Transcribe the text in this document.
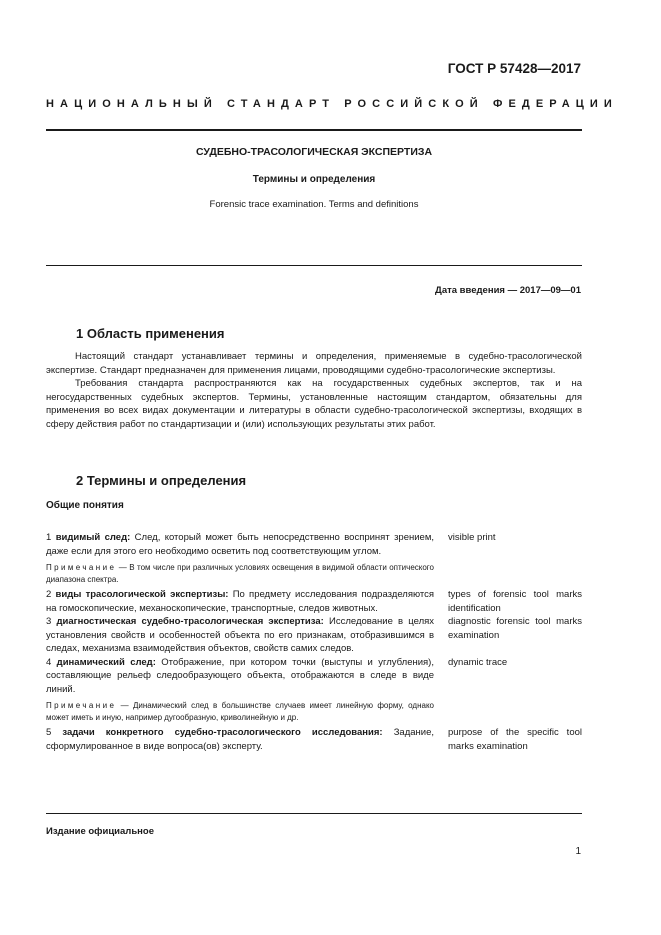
ГОСТ Р 57428—2017
НАЦИОНАЛЬНЫЙ СТАНДАРТ РОССИЙСКОЙ ФЕДЕРАЦИИ
СУДЕБНО-ТРАСОЛОГИЧЕСКАЯ ЭКСПЕРТИЗА
Термины и определения
Forensic trace examination. Terms and definitions
Дата введения — 2017—09—01
1 Область применения

Настоящий стандарт устанавливает термины и определения, применяемые в судебно-трасологической экспертизе. Стандарт предназначен для применения лицами, проводящими судебно-трасологические экспертизы.

Требования стандарта распространяются как на государственных судебных экспертов, так и на негосударственных судебных экспертов. Термины, установленные настоящим стандартом, обязательны для применения во всех видах документации и литературы в области судебно-трасологической экспертизы, входящих в сферу действия работ по стандартизации и (или) использующих результаты этих работ.

2 Термины и определения
Общие понятия
1 видимый след: След, который может быть непосредственно воспринят зрением, даже если для этого его необходимо осветить под соответствующим углом.
visible print
Примечание — В том числе при различных условиях освещения в видимой области оптического диапазона спектра.
2 виды трасологической экспертизы: По предмету исследования подразделяются на гомоскопические, механоскопические, транспортные, следов животных.
types of forensic tool marks identification
3 диагностическая судебно-трасологическая экспертиза: Исследование в целях установления свойств и особенностей объекта по его признакам, отобразившимся в следах, механизма взаимодействия объектов, свойств самих следов.
diagnostic forensic tool marks examination
4 динамический след: Отображение, при котором точки (выступы и углубления), составляющие рельеф следообразующего объекта, отображаются в следе в виде линий.
dynamic trace
Примечание — Динамический след в большинстве случаев имеет линейную форму, однако может иметь и иную, например дугообразную, криволинейную и др.
5 задачи конкретного судебно-трасологического исследования: Задание, сформулированное в виде вопроса(ов) эксперту.
purpose of the specific tool marks examination
Издание официальное
1
